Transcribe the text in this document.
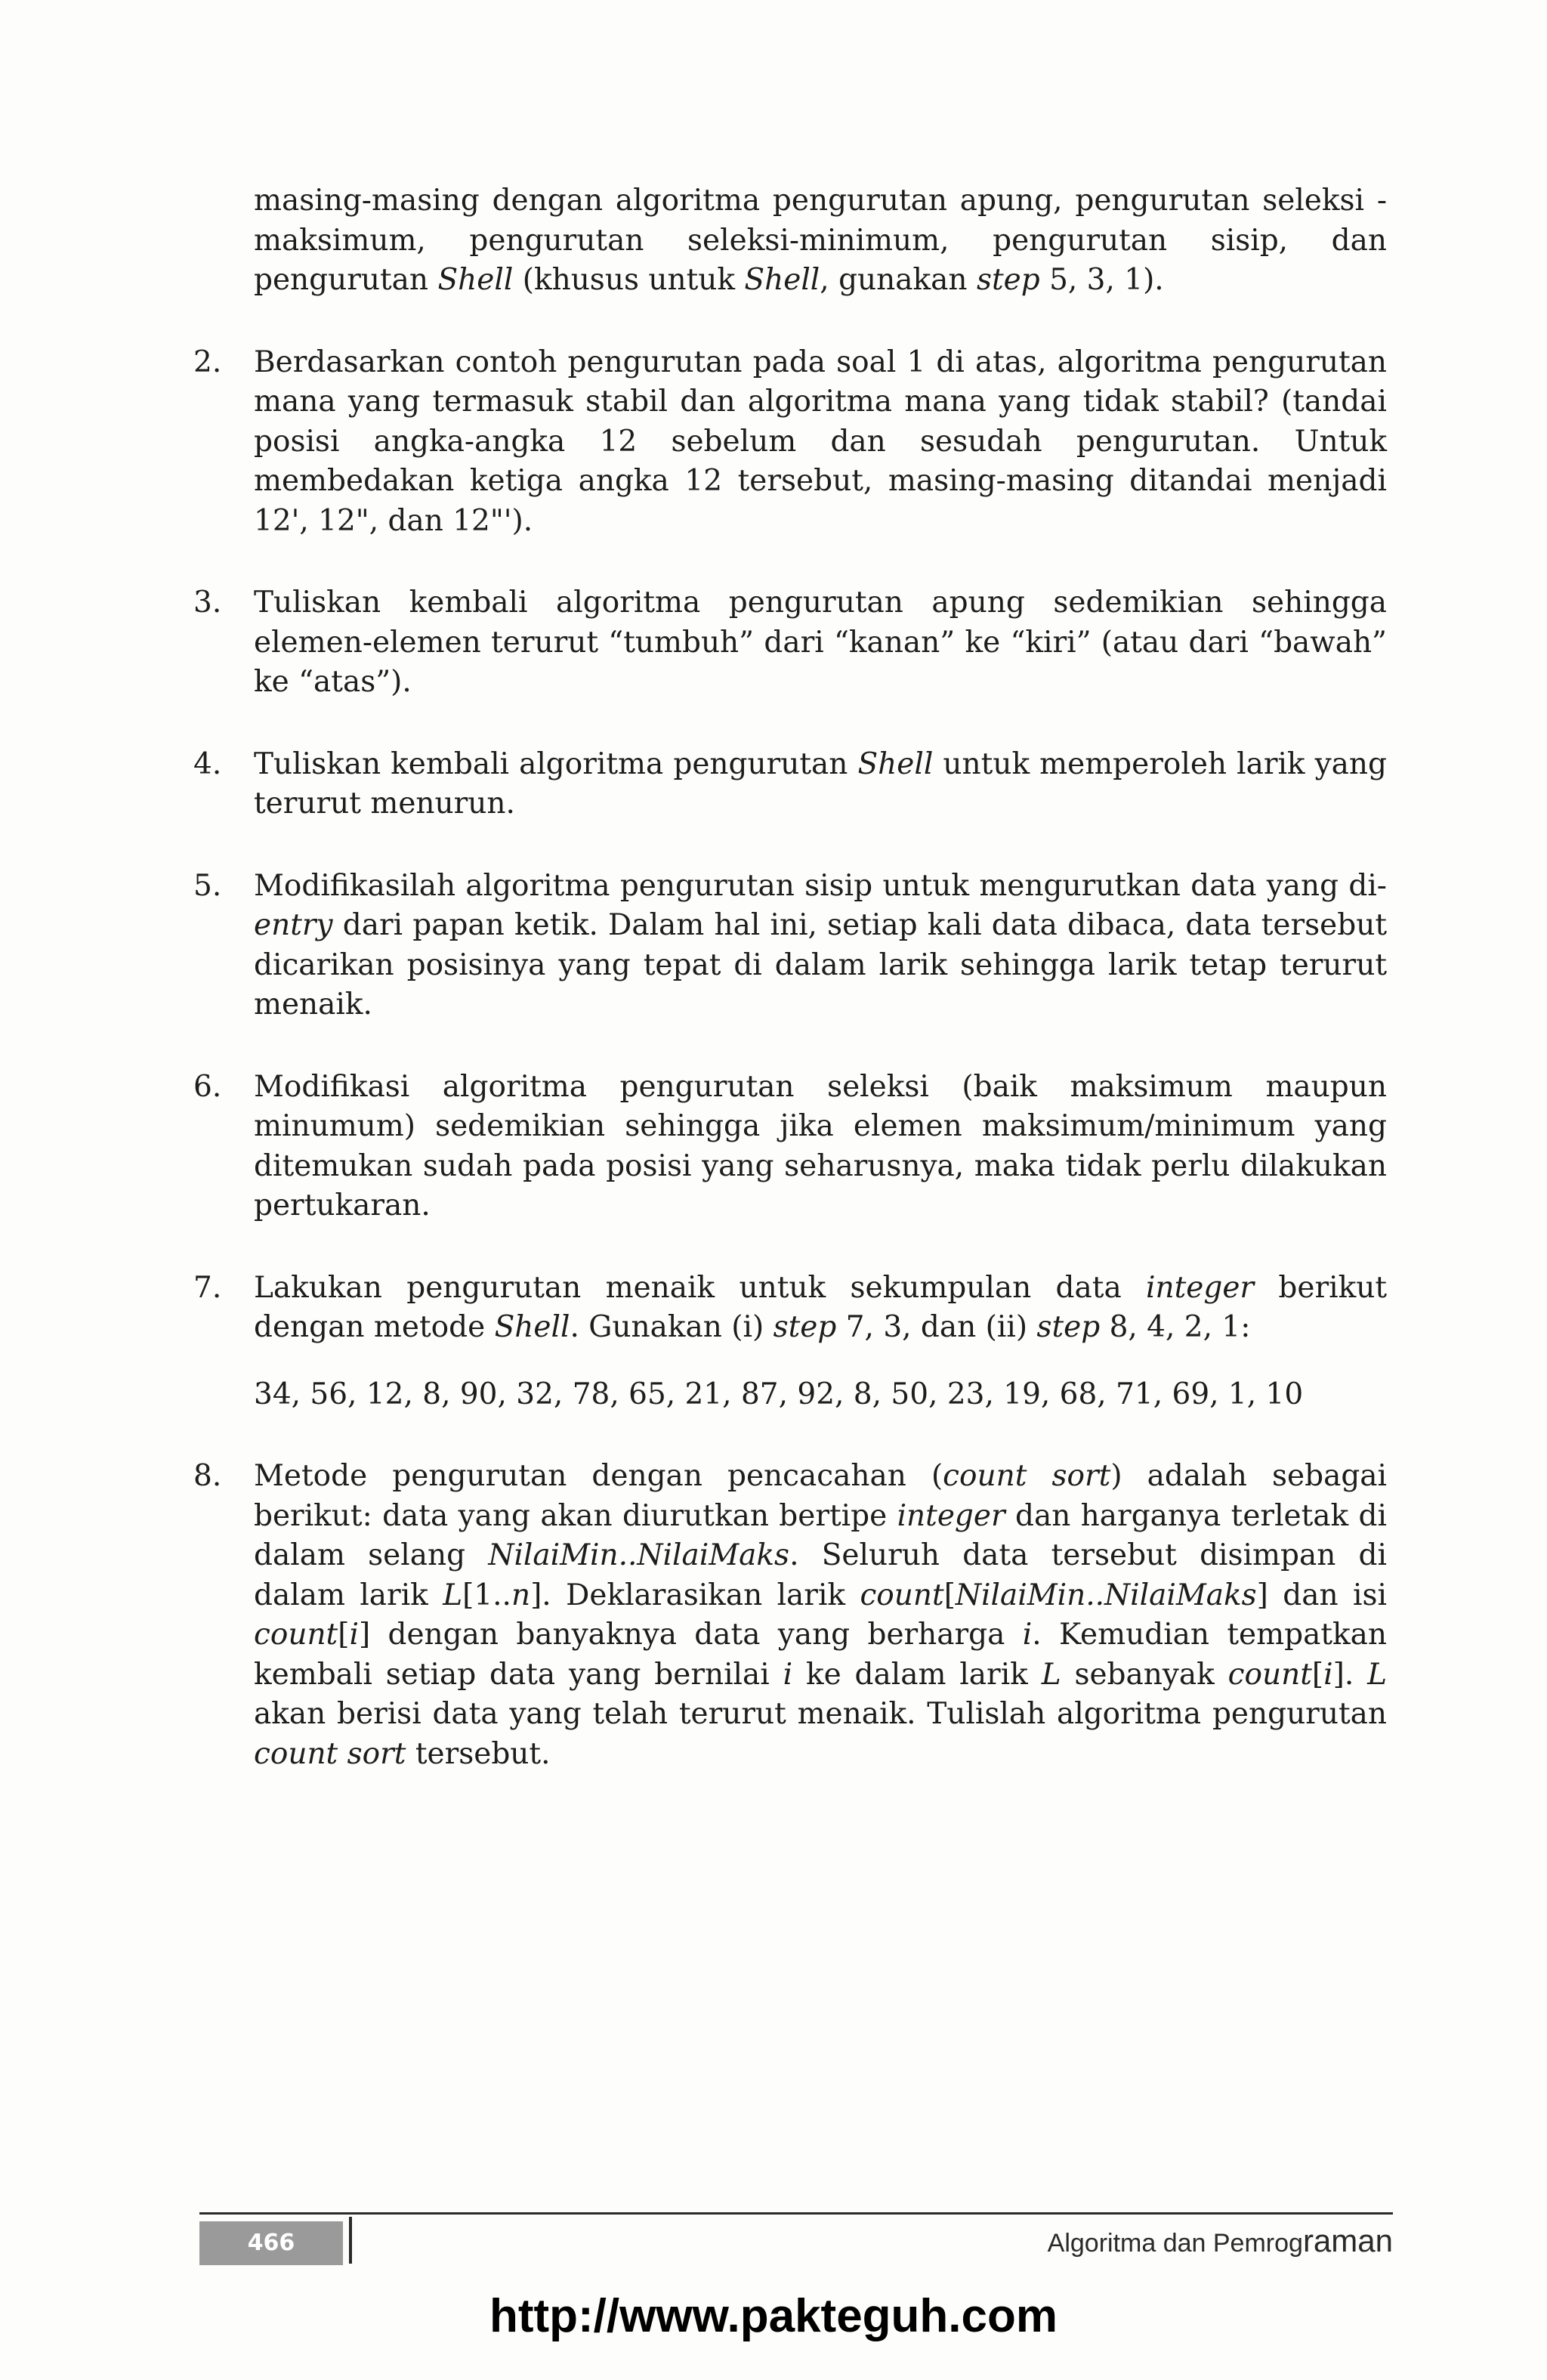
masing-masing dengan algoritma pengurutan apung, pengurutan seleksi - maksimum, pengurutan seleksi-minimum, pengurutan sisip, dan pengurutan Shell (khusus untuk Shell, gunakan step 5, 3, 1).

2. Berdasarkan contoh pengurutan pada soal 1 di atas, algoritma pengurutan mana yang termasuk stabil dan algoritma mana yang tidak stabil? (tandai posisi angka-angka 12 sebelum dan sesudah pengurutan. Untuk membedakan ketiga angka 12 tersebut, masing-masing ditandai menjadi 12', 12", dan 12"').

3. Tuliskan kembali algoritma pengurutan apung sedemikian sehingga elemen-elemen terurut “tumbuh” dari “kanan” ke “kiri” (atau dari “bawah” ke “atas”).

4. Tuliskan kembali algoritma pengurutan Shell untuk memperoleh larik yang terurut menurun.

5. Modifikasilah algoritma pengurutan sisip untuk mengurutkan data yang di-entry dari papan ketik. Dalam hal ini, setiap kali data dibaca, data tersebut dicarikan posisinya yang tepat di dalam larik sehingga larik tetap terurut menaik.

6. Modifikasi algoritma pengurutan seleksi (baik maksimum maupun minumum) sedemikian sehingga jika elemen maksimum/minimum yang ditemukan sudah pada posisi yang seharusnya, maka tidak perlu dilakukan pertukaran.

7. Lakukan pengurutan menaik untuk sekumpulan data integer berikut dengan metode Shell. Gunakan (i) step 7, 3, dan (ii) step 8, 4, 2, 1:

34, 56, 12, 8, 90, 32, 78, 65, 21, 87, 92, 8, 50, 23, 19, 68, 71, 69, 1, 10
8. Metode pengurutan dengan pencacahan (count sort) adalah sebagai berikut: data yang akan diurutkan bertipe integer dan harganya terletak di dalam selang NilaiMin..NilaiMaks. Seluruh data tersebut disimpan di dalam larik L[1..n]. Deklarasikan larik count[NilaiMin..NilaiMaks] dan isi count[i] dengan banyaknya data yang berharga i. Kemudian tempatkan kembali setiap data yang bernilai i ke dalam larik L sebanyak count[i]. L akan berisi data yang telah terurut menaik. Tulislah algoritma pengurutan count sort tersebut.

466	Algoritma dan Pemrograman
http://www.pakteguh.com
